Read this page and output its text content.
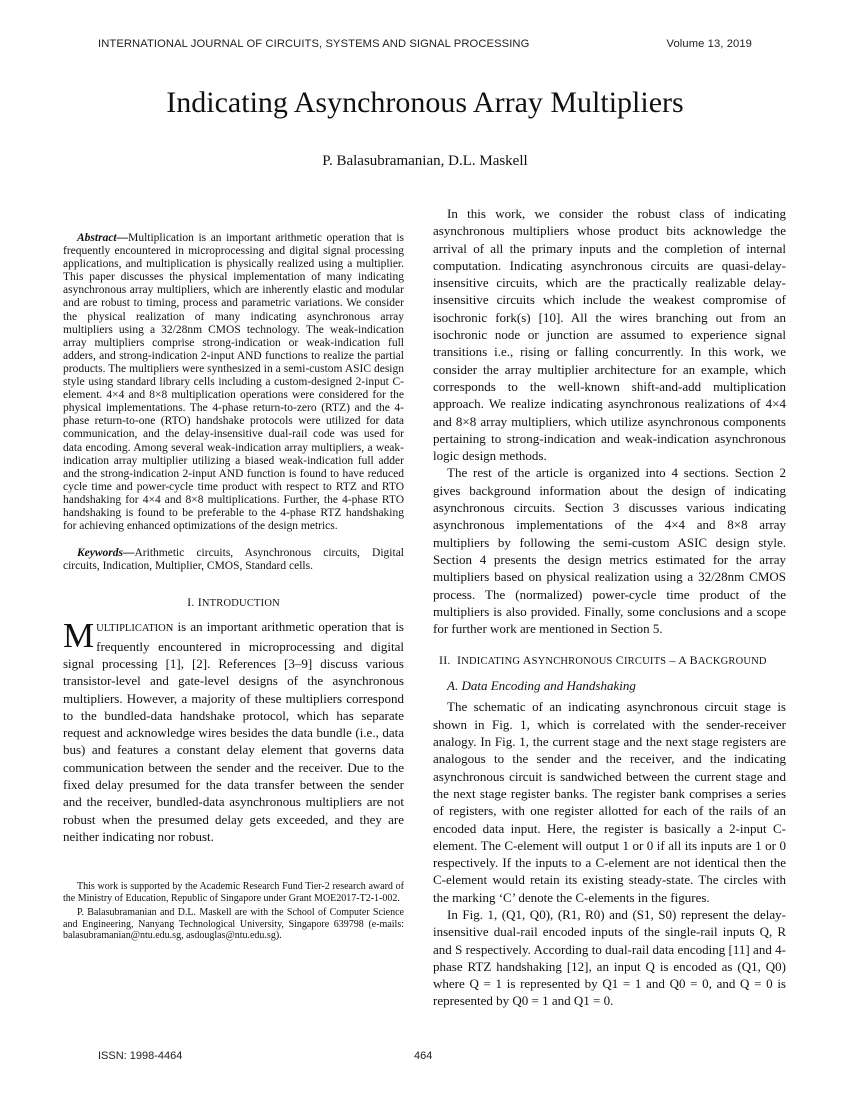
INTERNATIONAL JOURNAL OF CIRCUITS, SYSTEMS AND SIGNAL PROCESSING	Volume 13, 2019
Indicating Asynchronous Array Multipliers
P. Balasubramanian, D.L. Maskell

Abstract—Multiplication is an important arithmetic operation that is frequently encountered in microprocessing and digital signal processing applications, and multiplication is physically realized using a multiplier. This paper discusses the physical implementation of many indicating asynchronous array multipliers, which are inherently elastic and modular and are robust to timing, process and parametric variations. We consider the physical realization of many indicating asynchronous array multipliers using a 32/28nm CMOS technology. The weak-indication array multipliers comprise strong-indication or weak-indication full adders, and strong-indication 2-input AND functions to realize the partial products. The multipliers were synthesized in a semi-custom ASIC design style using standard library cells including a custom-designed 2-input C-element. 4×4 and 8×8 multiplication operations were considered for the physical implementations. The 4-phase return-to-zero (RTZ) and the 4-phase return-to-one (RTO) handshake protocols were utilized for data communication, and the delay-insensitive dual-rail code was used for data encoding. Among several weak-indication array multipliers, a weak-indication array multiplier utilizing a biased weak-indication full adder and the strong-indication 2-input AND function is found to have reduced cycle time and power-cycle time product with respect to RTZ and RTO handshaking for 4×4 and 8×8 multiplications. Further, the 4-phase RTO handshaking is found to be preferable to the 4-phase RTZ handshaking for achieving enhanced optimizations of the design metrics.

Keywords—Arithmetic circuits, Asynchronous circuits, Digital circuits, Indication, Multiplier, CMOS, Standard cells.

I. INTRODUCTION

MULTIPLICATION is an important arithmetic operation that is frequently encountered in microprocessing and digital signal processing [1], [2]. References [3–9] discuss various transistor-level and gate-level designs of the asynchronous multipliers. However, a majority of these multipliers correspond to the bundled-data handshake protocol, which has separate request and acknowledge wires besides the data bundle (i.e., data bus) and features a constant delay element that governs data communication between the sender and the receiver. Due to the fixed delay presumed for the data transfer between the sender and the receiver, bundled-data asynchronous multipliers are not robust when the presumed delay gets exceeded, and they are neither indicating nor robust.

This work is supported by the Academic Research Fund Tier-2 research award of the Ministry of Education, Republic of Singapore under Grant MOE2017-T2-1-002.

P. Balasubramanian and D.L. Maskell are with the School of Computer Science and Engineering, Nanyang Technological University, Singapore 639798 (e-mails: balasubramanian@ntu.edu.sg, asdouglas@ntu.edu.sg).

In this work, we consider the robust class of indicating asynchronous multipliers whose product bits acknowledge the arrival of all the primary inputs and the completion of internal computation. Indicating asynchronous circuits are quasi-delay-insensitive circuits, which are the practically realizable delay-insensitive circuits which include the weakest compromise of isochronic fork(s) [10]. All the wires branching out from an isochronic node or junction are assumed to experience signal transitions i.e., rising or falling concurrently. In this work, we consider the array multiplier architecture for an example, which corresponds to the well-known shift-and-add multiplication approach. We realize indicating asynchronous realizations of 4×4 and 8×8 array multipliers, which utilize asynchronous components pertaining to strong-indication and weak-indication asynchronous logic design methods.

The rest of the article is organized into 4 sections. Section 2 gives background information about the design of indicating asynchronous circuits. Section 3 discusses various indicating asynchronous implementations of the 4×4 and 8×8 array multipliers by following the semi-custom ASIC design style. Section 4 presents the design metrics estimated for the array multipliers based on physical realization using a 32/28nm CMOS process. The (normalized) power-cycle time product of the multipliers is also provided. Finally, some conclusions and a scope for further work are mentioned in Section 5.

II. INDICATING ASYNCHRONOUS CIRCUITS – A BACKGROUND
A. Data Encoding and Handshaking

The schematic of an indicating asynchronous circuit stage is shown in Fig. 1, which is correlated with the sender-receiver analogy. In Fig. 1, the current stage and the next stage registers are analogous to the sender and the receiver, and the indicating asynchronous circuit is sandwiched between the current stage and the next stage register banks. The register bank comprises a series of registers, with one register allotted for each of the rails of an encoded data input. Here, the register is basically a 2-input C-element. The C-element will output 1 or 0 if all its inputs are 1 or 0 respectively. If the inputs to a C-element are not identical then the C-element would retain its existing steady-state. The circles with the marking ‘C’ denote the C-elements in the figures.

In Fig. 1, (Q1, Q0), (R1, R0) and (S1, S0) represent the delay-insensitive dual-rail encoded inputs of the single-rail inputs Q, R and S respectively. According to dual-rail data encoding [11] and 4-phase RTZ handshaking [12], an input Q is encoded as (Q1, Q0) where Q = 1 is represented by Q1 = 1 and Q0 = 0, and Q = 0 is represented by Q0 = 1 and Q1 = 0.

ISSN: 1998-4464	464
